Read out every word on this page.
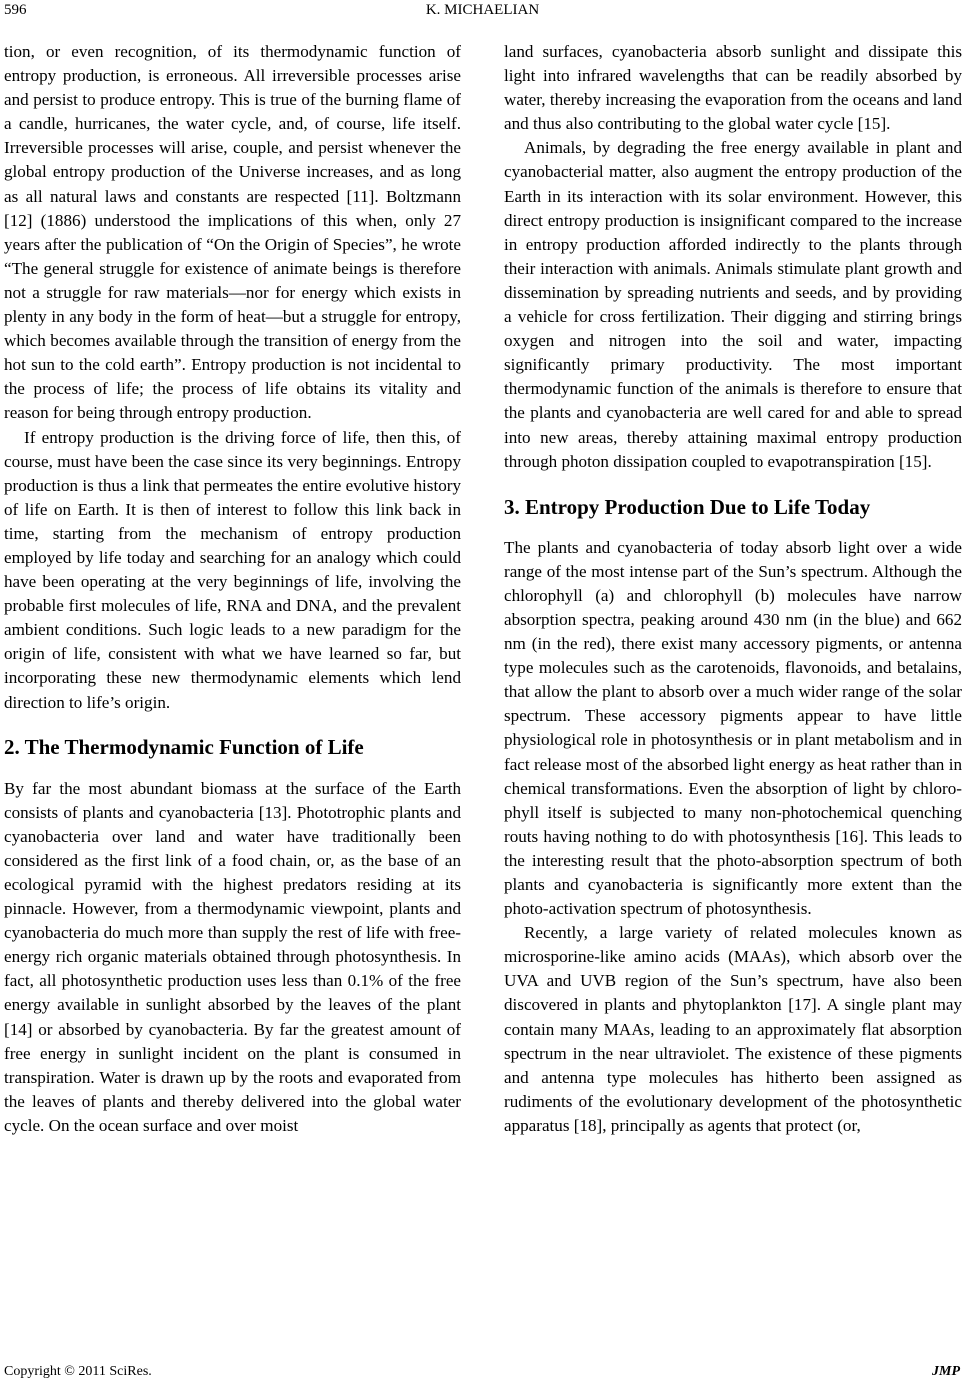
596	K. MICHAELIAN

tion, or even recognition, of its thermodynamic function of entropy production, is erroneous. All irreversible processes arise and persist to produce entropy. This is true of the burning flame of a candle, hurricanes, the water cycle, and, of course, life itself. Irreversible processes will arise, couple, and persist whenever the global entropy production of the Universe increases, and as long as all natural laws and constants are respected [11]. Boltzmann [12] (1886) understood the implications of this when, only 27 years after the publication of “On the Origin of Species”, he wrote “The general struggle for existence of animate beings is therefore not a struggle for raw materials—nor for energy which exists in plenty in any body in the form of heat—but a struggle for entropy, which becomes available through the transition of energy from the hot sun to the cold earth”. Entropy production is not incidental to the process of life; the process of life obtains its vitality and reason for being through entropy production.

If entropy production is the driving force of life, then this, of course, must have been the case since its very beginnings. Entropy production is thus a link that permeates the entire evolutive history of life on Earth. It is then of interest to follow this link back in time, starting from the mechanism of entropy production employed by life today and searching for an analogy which could have been operating at the very beginnings of life, involving the probable first molecules of life, RNA and DNA, and the prevalent ambient conditions. Such logic leads to a new paradigm for the origin of life, consistent with what we have learned so far, but incorporating these new thermodynamic elements which lend direction to life’s origin.

2. The Thermodynamic Function of Life

By far the most abundant biomass at the surface of the Earth consists of plants and cyanobacteria [13]. Phototrophic plants and cyanobacteria over land and water have traditionally been considered as the first link of a food chain, or, as the base of an ecological pyramid with the highest predators residing at its pinnacle. However, from a thermodynamic viewpoint, plants and cyanobacteria do much more than supply the rest of life with free-energy rich organic materials obtained through photosynthesis. In fact, all photosynthetic production uses less than 0.1% of the free energy available in sunlight absorbed by the leaves of the plant [14] or absorbed by cyanobacteria. By far the greatest amount of free energy in sunlight incident on the plant is consumed in transpiration. Water is drawn up by the roots and evaporated from the leaves of plants and thereby delivered into the global water cycle. On the ocean surface and over moist

land surfaces, cyanobacteria absorb sunlight and dissipate this light into infrared wavelengths that can be readily absorbed by water, thereby increasing the evaporation from the oceans and land and thus also contributing to the global water cycle [15].

Animals, by degrading the free energy available in plant and cyanobacterial matter, also augment the entropy production of the Earth in its interaction with its solar environment. However, this direct entropy production is insignificant compared to the increase in entropy production afforded indirectly to the plants through their interaction with animals. Animals stimulate plant growth and dissemination by spreading nutrients and seeds, and by providing a vehicle for cross fertilization. Their digging and stirring brings oxygen and nitrogen into the soil and water, impacting significantly primary productivity. The most important thermodynamic function of the animals is therefore to ensure that the plants and cyanobacteria are well cared for and able to spread into new areas, thereby attaining maximal entropy production through photon dissipation coupled to evapotranspiration [15].

3. Entropy Production Due to Life Today

The plants and cyanobacteria of today absorb light over a wide range of the most intense part of the Sun’s spectrum. Although the chlorophyll (a) and chlorophyll (b) molecules have narrow absorption spectra, peaking around 430 nm (in the blue) and 662 nm (in the red), there exist many accessory pigments, or antenna type molecules such as the carotenoids, flavonoids, and betalains, that allow the plant to absorb over a much wider range of the solar spectrum. These accessory pigments appear to have little physiological role in photosynthesis or in plant metabolism and in fact release most of the absorbed light energy as heat rather than in chemical transformations. Even the absorption of light by chlorophyll itself is subjected to many non-photochemical quenching routs having nothing to do with photosynthesis [16]. This leads to the interesting result that the photo-absorption spectrum of both plants and cyanobacteria is significantly more extent than the photo-activation spectrum of photosynthesis.

Recently, a large variety of related molecules known as microsporine-like amino acids (MAAs), which absorb over the UVA and UVB region of the Sun’s spectrum, have also been discovered in plants and phytoplankton [17]. A single plant may contain many MAAs, leading to an approximately flat absorption spectrum in the near ultraviolet. The existence of these pigments and antenna type molecules has hitherto been assigned as rudiments of the evolutionary development of the photosynthetic apparatus [18], principally as agents that protect (or,

Copyright © 2011 SciRes.	JMP
